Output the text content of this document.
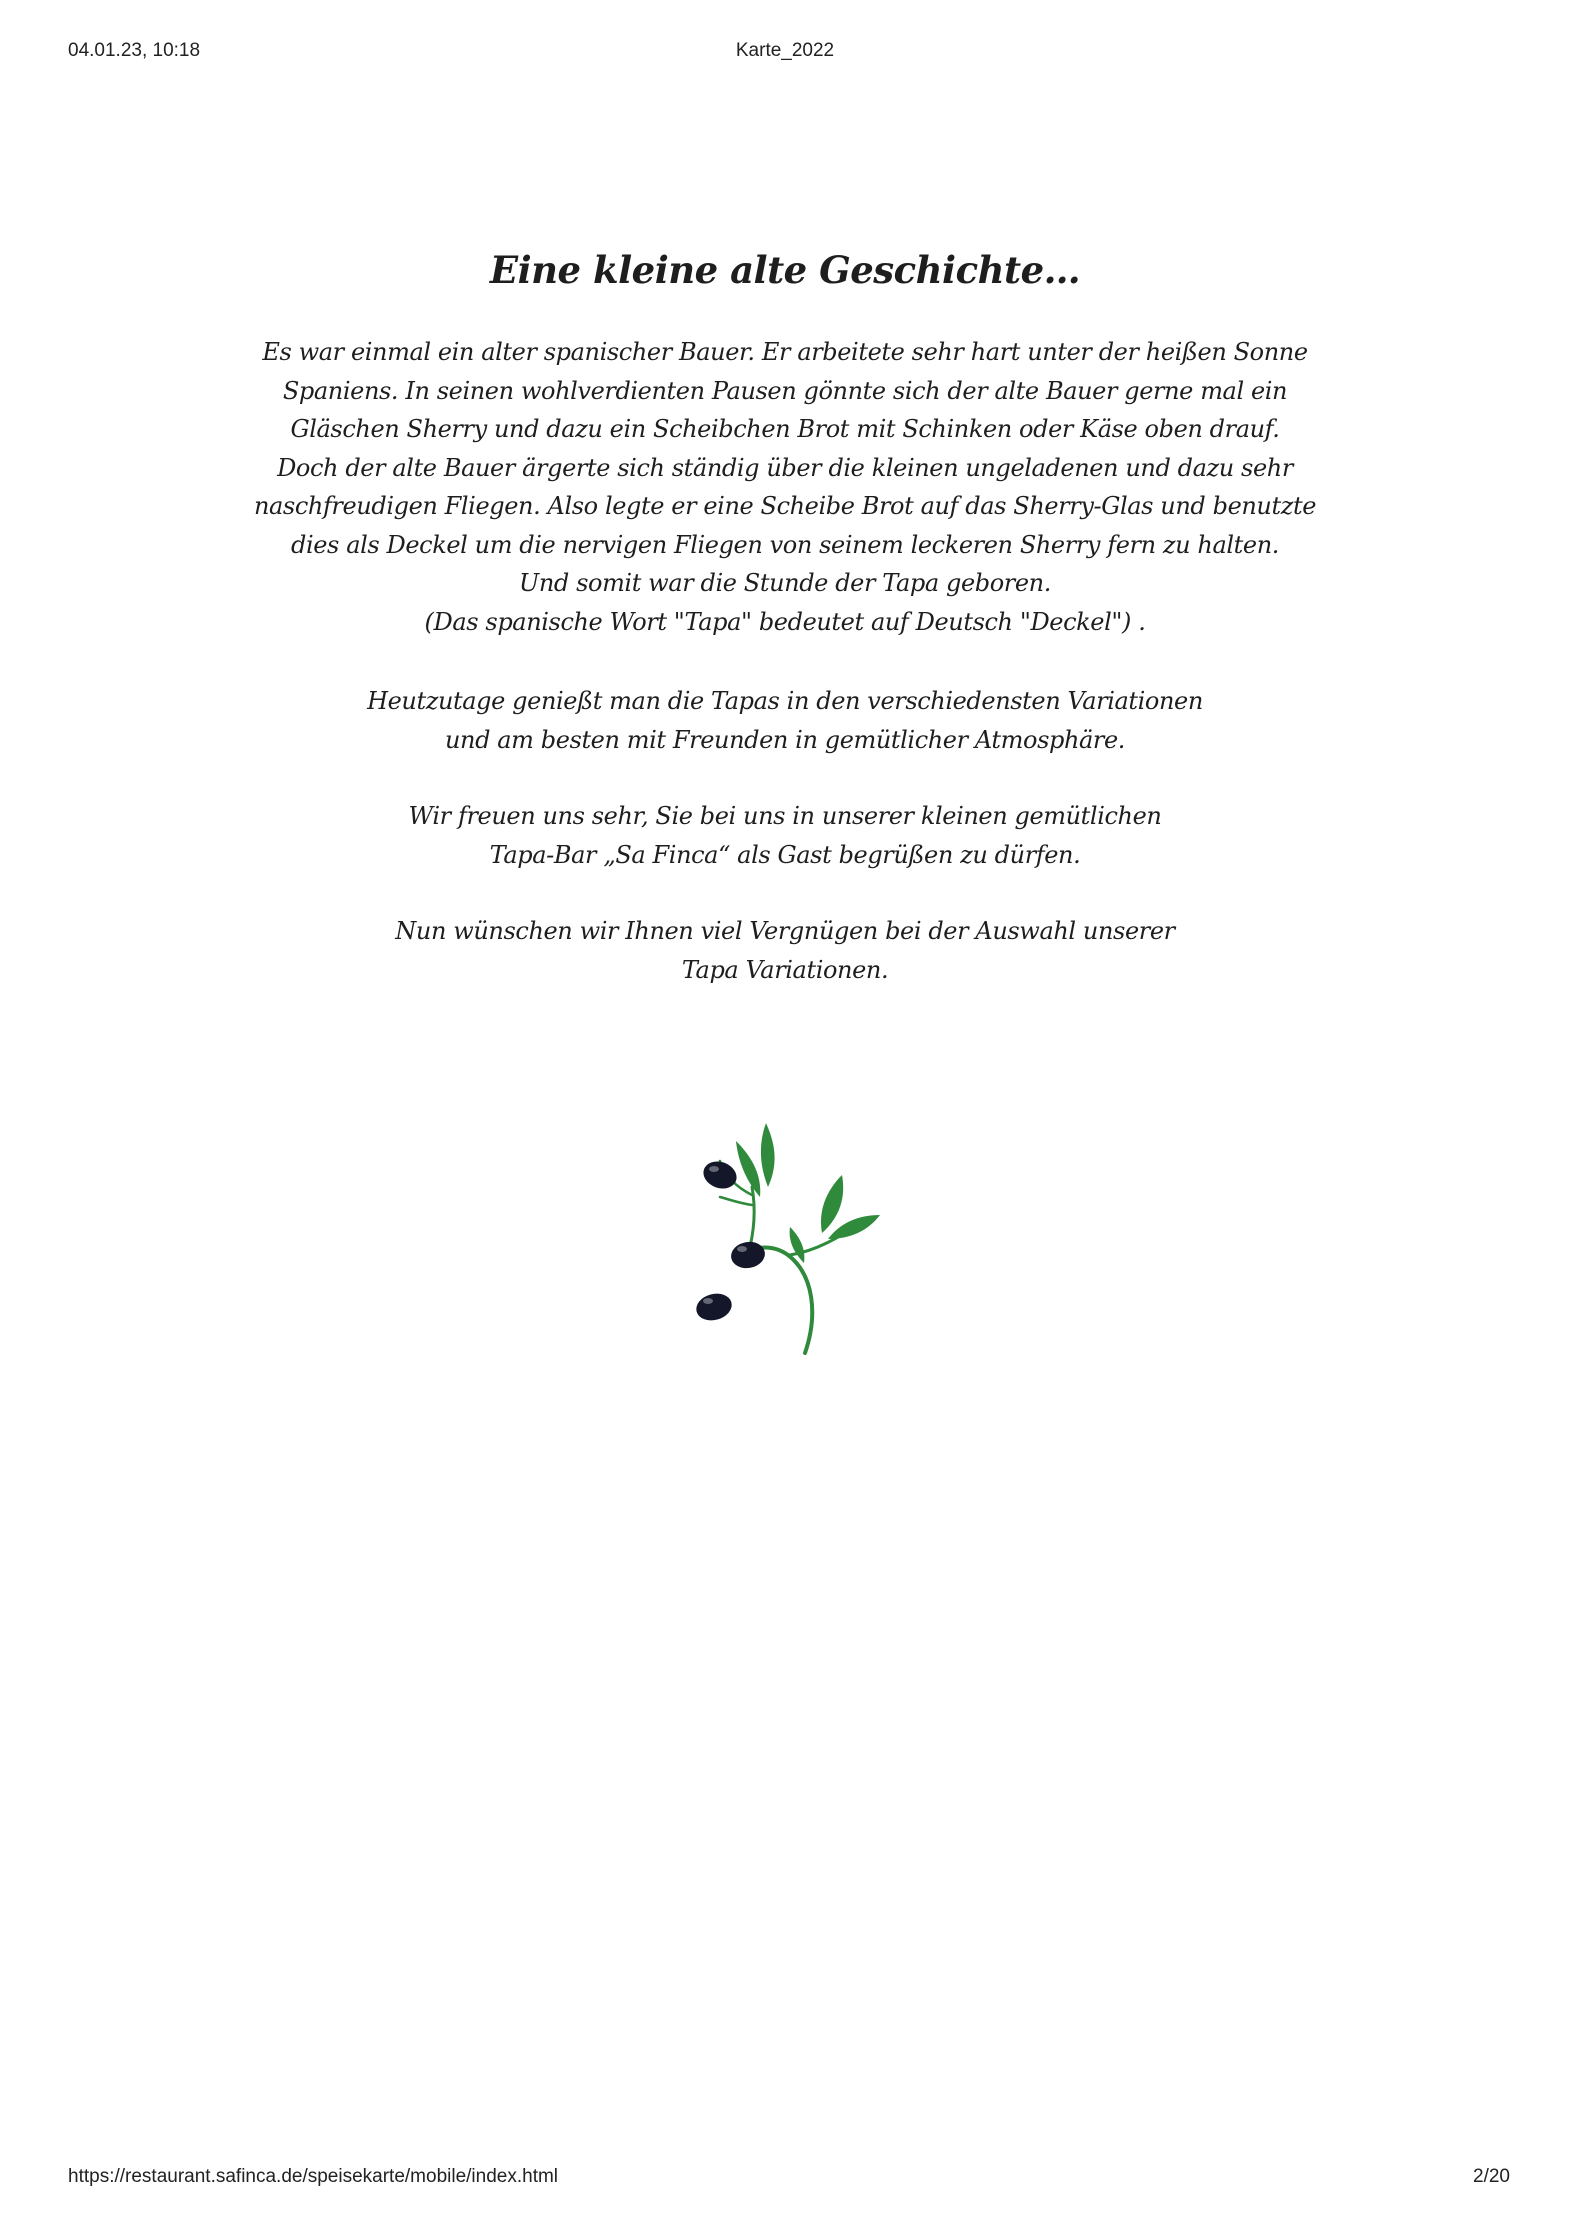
04.01.23, 10:18	Karte_2022
Eine kleine alte Geschichte…

Es war einmal ein alter spanischer Bauer. Er arbeitete sehr hart unter der heißen Sonne
Spaniens. In seinen wohlverdienten Pausen gönnte sich der alte Bauer gerne mal ein
Gläschen Sherry und dazu ein Scheibchen Brot mit Schinken oder Käse oben drauf.
Doch der alte Bauer ärgerte sich ständig über die kleinen ungeladenen und dazu sehr
naschfreudigen Fliegen. Also legte er eine Scheibe Brot auf das Sherry-Glas und benutzte
dies als Deckel um die nervigen Fliegen von seinem leckeren Sherry fern zu halten.
Und somit war die Stunde der Tapa geboren.
(Das spanische Wort "Tapa" bedeutet auf Deutsch "Deckel") .

Heutzutage genießt man die Tapas in den verschiedensten Variationen
und am besten mit Freunden in gemütlicher Atmosphäre.

Wir freuen uns sehr, Sie bei uns in unserer kleinen gemütlichen
Tapa-Bar „Sa Finca“ als Gast begrüßen zu dürfen.

Nun wünschen wir Ihnen viel Vergnügen bei der Auswahl unserer
Tapa Variationen.

https://restaurant.safinca.de/speisekarte/mobile/index.html	2/20
